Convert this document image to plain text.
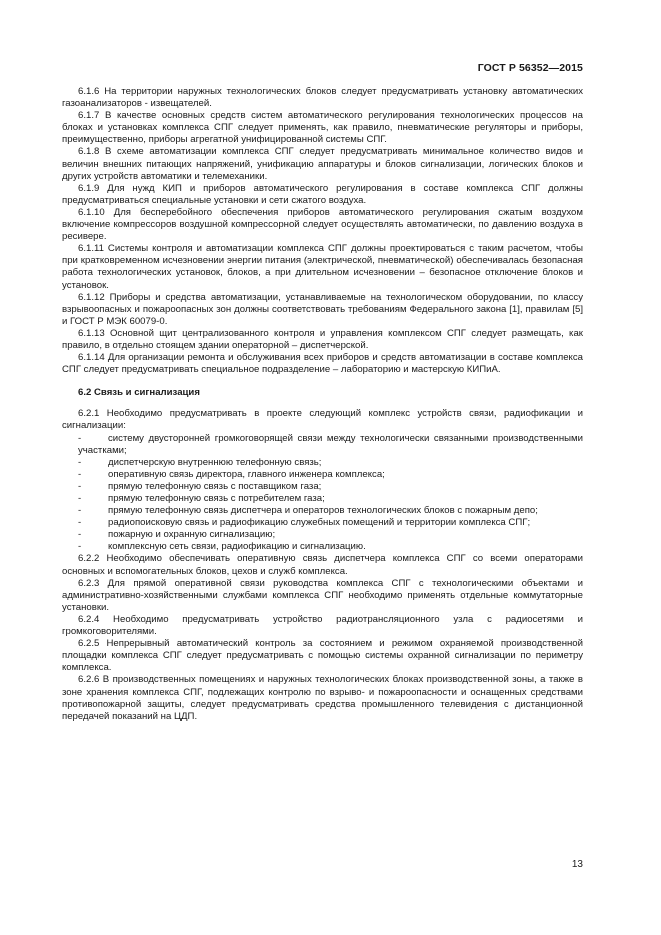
ГОСТ Р 56352—2015

6.1.6 На территории наружных технологических блоков следует предусматривать установку автоматических газоанализаторов - извещателей.

6.1.7 В качестве основных средств систем автоматического регулирования технологических процессов на блоках и установках комплекса СПГ следует применять, как правило, пневматические регуляторы и приборы, преимущественно, приборы агрегатной унифицированной системы СПГ.

6.1.8 В схеме автоматизации комплекса СПГ следует предусматривать минимальное количество видов и величин внешних питающих напряжений, унификацию аппаратуры и блоков сигнализации, логических блоков и других устройств автоматики и телемеханики.

6.1.9 Для нужд КИП и приборов автоматического регулирования в составе комплекса СПГ должны предусматриваться специальные установки и сети сжатого воздуха.

6.1.10 Для бесперебойного обеспечения приборов автоматического регулирования сжатым воздухом включение компрессоров воздушной компрессорной следует осуществлять автоматически, по давлению воздуха в ресивере.

6.1.11 Системы контроля и автоматизации комплекса СПГ должны проектироваться с таким расчетом, чтобы при кратковременном исчезновении энергии питания (электрической, пневматической) обеспечивалась безопасная работа технологических установок, блоков, а при длительном исчезновении – безопасное отключение блоков и установок.

6.1.12 Приборы и средства автоматизации, устанавливаемые на технологическом оборудовании, по классу взрывоопасных и пожароопасных зон должны соответствовать требованиям Федерального закона [1], правилам [5] и ГОСТ Р МЭК 60079-0.

6.1.13 Основной щит централизованного контроля и управления комплексом СПГ следует размещать, как правило, в отдельно стоящем здании операторной – диспетчерской.

6.1.14 Для организации ремонта и обслуживания всех приборов и средств автоматизации в составе комплекса СПГ следует предусматривать специальное подразделение – лабораторию и мастерскую КИПиА.

6.2 Связь и сигнализация

6.2.1 Необходимо предусматривать в проекте следующий комплекс устройств связи, радиофикации и сигнализации:

-	системy двусторонней громкоговорящей связи между технологически связанными производственными участками;

-	диспетчерскую внутреннюю телефонную связь;

-	оперативную связь директора, главного инженера комплекса;

-	прямую телефонную связь с поставщиком газа;

-	прямую телефонную связь с потребителем газа;

-	прямую телефонную связь диспетчера и операторов технологических блоков с пожарным депо;

-	радиопоисковую связь и радиофикацию служебных помещений и территории комплекса СПГ;

-	пожарную и охранную сигнализацию;

-	комплексную сеть связи, радиофикацию и сигнализацию.

6.2.2 Необходимо обеспечивать оперативную связь диспетчера комплекса СПГ со всеми операторами основных и вспомогательных блоков, цехов и служб комплекса.

6.2.3 Для прямой оперативной связи руководства комплекса СПГ с технологическими объектами и административно-хозяйственными службами комплекса СПГ необходимо применять отдельные коммутаторные установки.

6.2.4 Необходимо предусматривать устройство радиотрансляционного узла с радиосетями и громкоговорителями.

6.2.5 Непрерывный автоматический контроль за состоянием и режимом охраняемой производственной площадки комплекса СПГ следует предусматривать с помощью системы охранной сигнализации по периметру комплекса.

6.2.6 В производственных помещениях и наружных технологических блоках производственной зоны, а также в зоне хранения комплекса СПГ, подлежащих контролю по взрыво- и пожароопасности и оснащенных средствами противопожарной защиты, следует предусматривать средства промышленного телевидения с дистанционной передачей показаний на ЦДП.

13
